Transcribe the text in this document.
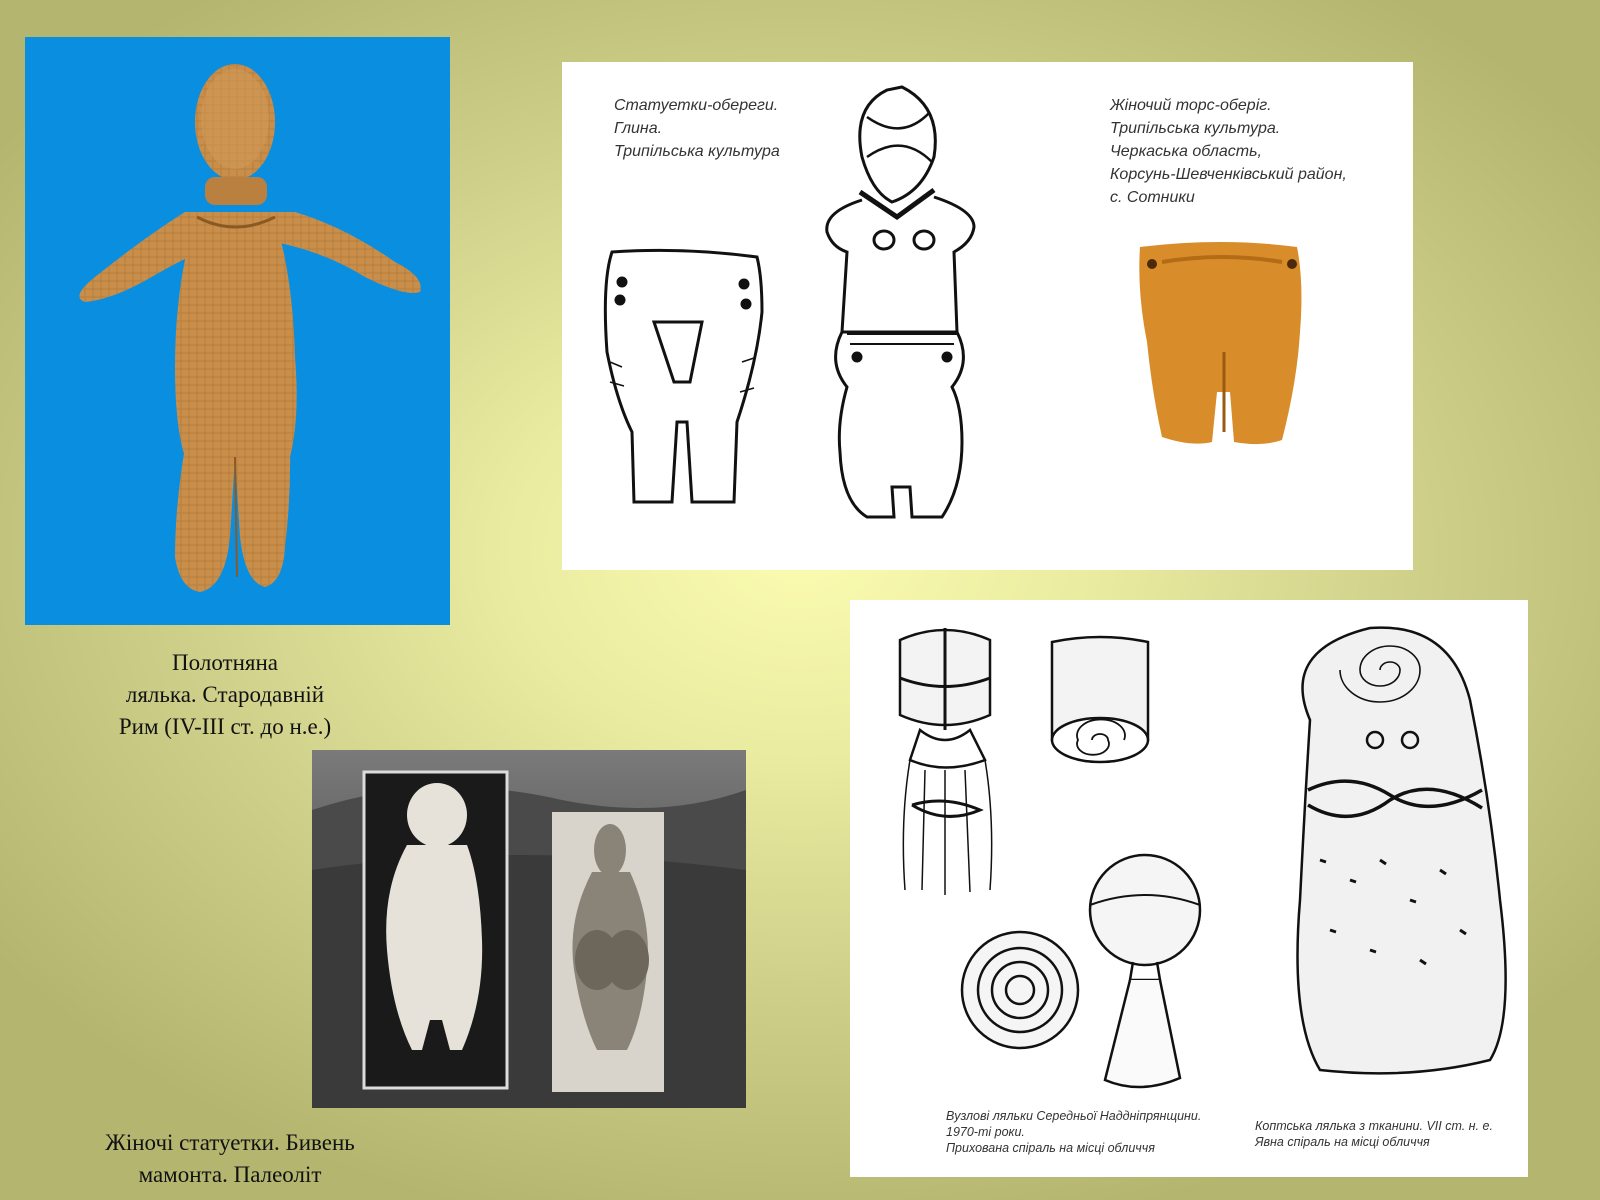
Полотняна
лялька. Стародавній
Рим (IV-III ст. до н.е.)
Статуетки-обереги.
Глина.
Трипільська культура
Жіночий торс-оберіг.
Трипільська культура.
Черкаська область,
Корсунь-Шевченківський район,
с. Сотники
Жіночі статуетки. Бивень
мамонта. Палеоліт
Вузлові ляльки Середньої Наддніпрянщини.
1970-ті роки.
Прихована спіраль на місці обличчя
Коптська лялька з тканини. VII ст. н. е.
Явна спіраль на місці обличчя
